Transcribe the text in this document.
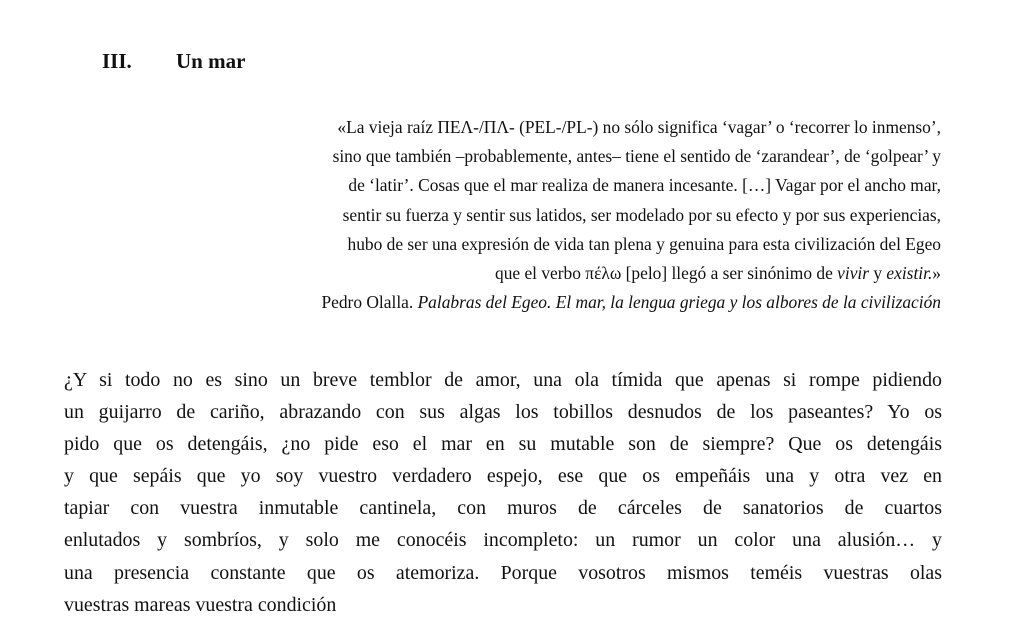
III. Un mar
«La vieja raíz ΠΕΛ-/ΠΛ- (PEL-/PL-) no sólo significa ‘vagar’ o ‘recorrer lo inmenso’,
sino que también –probablemente, antes– tiene el sentido de ‘zarandear’, de ‘golpear’ y
de ‘latir’. Cosas que el mar realiza de manera incesante. […] Vagar por el ancho mar,
sentir su fuerza y sentir sus latidos, ser modelado por su efecto y por sus experiencias,
hubo de ser una expresión de vida tan plena y genuina para esta civilización del Egeo
que el verbo πέλω [pelo] llegó a ser sinónimo de vivir y existir.»
Pedro Olalla. Palabras del Egeo. El mar, la lengua griega y los albores de la civilización
¿Y si todo no es sino un breve temblor de amor, una ola tímida que apenas si rompe pidiendo
un guijarro de cariño, abrazando con sus algas los tobillos desnudos de los paseantes? Yo os
pido que os detengáis, ¿no pide eso el mar en su mutable son de siempre? Que os detengáis
y que sepáis que yo soy vuestro verdadero espejo, ese que os empeñáis una y otra vez en
tapiar con vuestra inmutable cantinela, con muros de cárceles de sanatorios de cuartos
enlutados y sombríos, y solo me conocéis incompleto: un rumor un color una alusión… y
una presencia constante que os atemoriza. Porque vosotros mismos teméis vuestras olas
vuestras mareas vuestra condición
